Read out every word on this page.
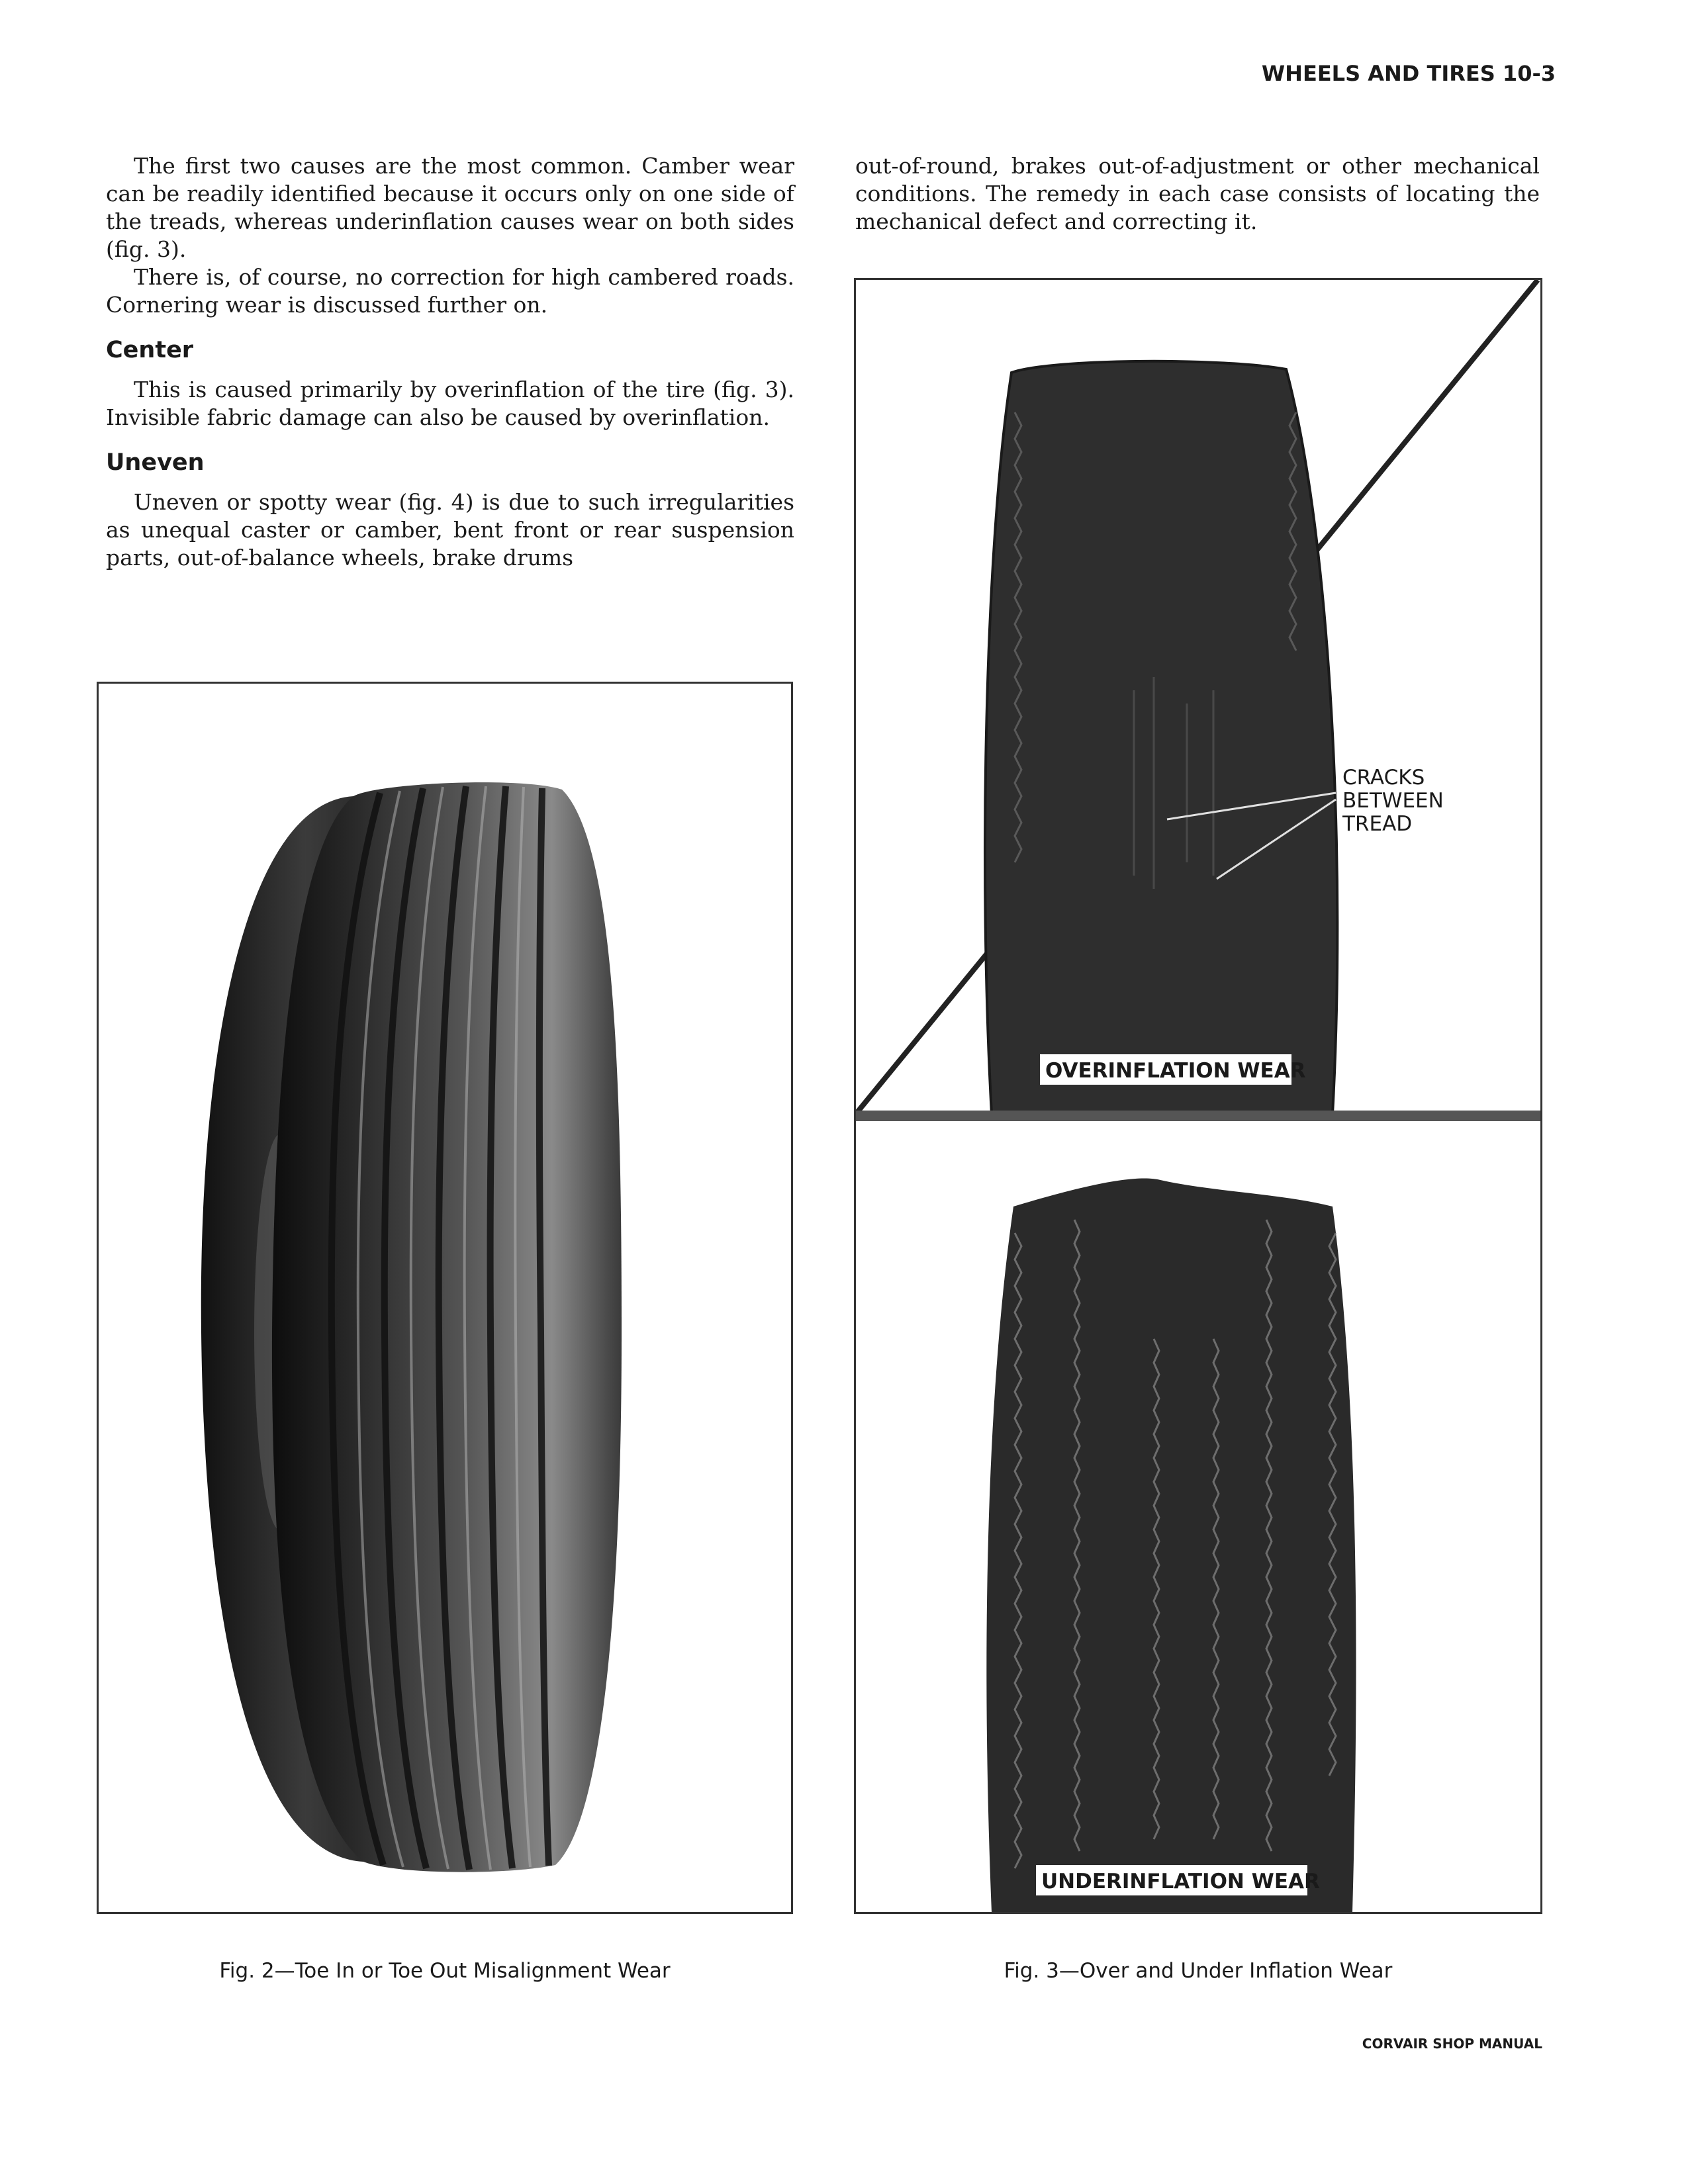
WHEELS AND TIRES 10-3

The first two causes are the most common. Camber wear can be readily identified because it occurs only on one side of the treads, whereas underinflation causes wear on both sides (fig. 3).

There is, of course, no correction for high cambered roads. Cornering wear is discussed further on.

Center

This is caused primarily by overinflation of the tire (fig. 3). Invisible fabric damage can also be caused by overinflation.

Uneven

Uneven or spotty wear (fig. 4) is due to such irregularities as unequal caster or camber, bent front or rear suspension parts, out-of-balance wheels, brake drums

out-of-round, brakes out-of-adjustment or other mechanical conditions. The remedy in each case consists of locating the mechanical defect and correcting it.

Fig. 2—Toe In or Toe Out Misalignment Wear
CRACKS
BETWEEN
TREAD
OVERINFLATION WEAR
UNDERINFLATION WEAR
Fig. 3—Over and Under Inflation Wear
CORVAIR SHOP MANUAL
